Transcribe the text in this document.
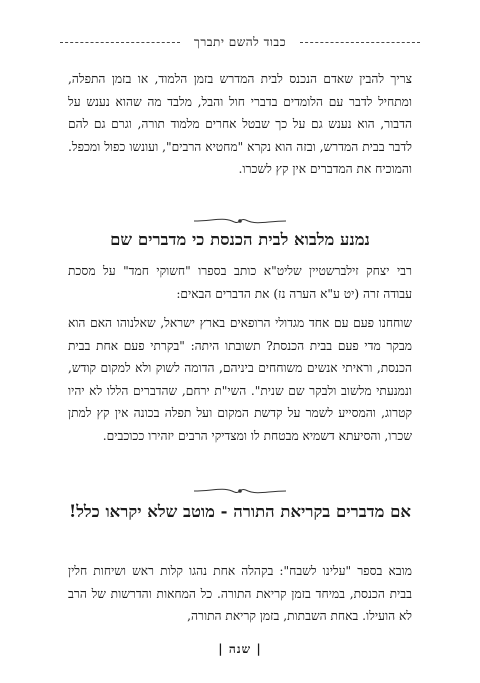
כבוד להשם יתברך
צריך להבין שאדם הנכנס לבית המדרש בזמן הלמוד, או בזמן התפלה, ומתחיל לדבר עם הלומדים בדברי חול והבל, מלבד מה שהוא נענש על הדבור, הוא נענש גם על כך שבטל אחרים מלמוד תורה, וגרם גם להם לדבר בבית המדרש, ובזה הוא נקרא "מחטיא הרבים", ועונשו כפול ומכפל. והמוכיח את המדברים אין קץ לשכרו.
נמנע מלבוא לבית הכנסת כי מדברים שם
רבי יצחק זילברשטיין שליט"א כותב בספרו "חשוקי חמד" על מסכת עבודה זרה (יט ע"א הערה נז) את הדברים הבאים:
שוחחנו פעם עם אחד מגדולי הרופאים בארץ ישראל, שאלנוהו האם הוא מבקר מדי פעם בבית הכנסת? תשובתו היתה: "בקרתי פעם אחת בבית הכנסת, וראיתי אנשים משוחחים ביניהם, הדומה לשוק ולא למקום קודש, ונמנעתי מלשוב ולבקר שם שנית". השי"ת ירחם, שהדברים הללו לא יהיו קטרוג, והמסייע לשמר על קדשת המקום ועל תפלה בכונה אין קץ למתן שכרו, והסיעתא דשמיא מבטחת לו ומצדיקי הרבים יזהירו ככוכבים.
אם מדברים בקריאת התורה - מוטב שלא יקראו כלל!
מובא בספר "עלינו לשבח": בקהלה אחת נהגו קלות ראש ושיחות חלין בבית הכנסת, במיחד בזמן קריאת התורה. כל המחאות והדרשות של הרב לא הועילו. באחת השבתות, בזמן קריאת התורה,
| שנה |
